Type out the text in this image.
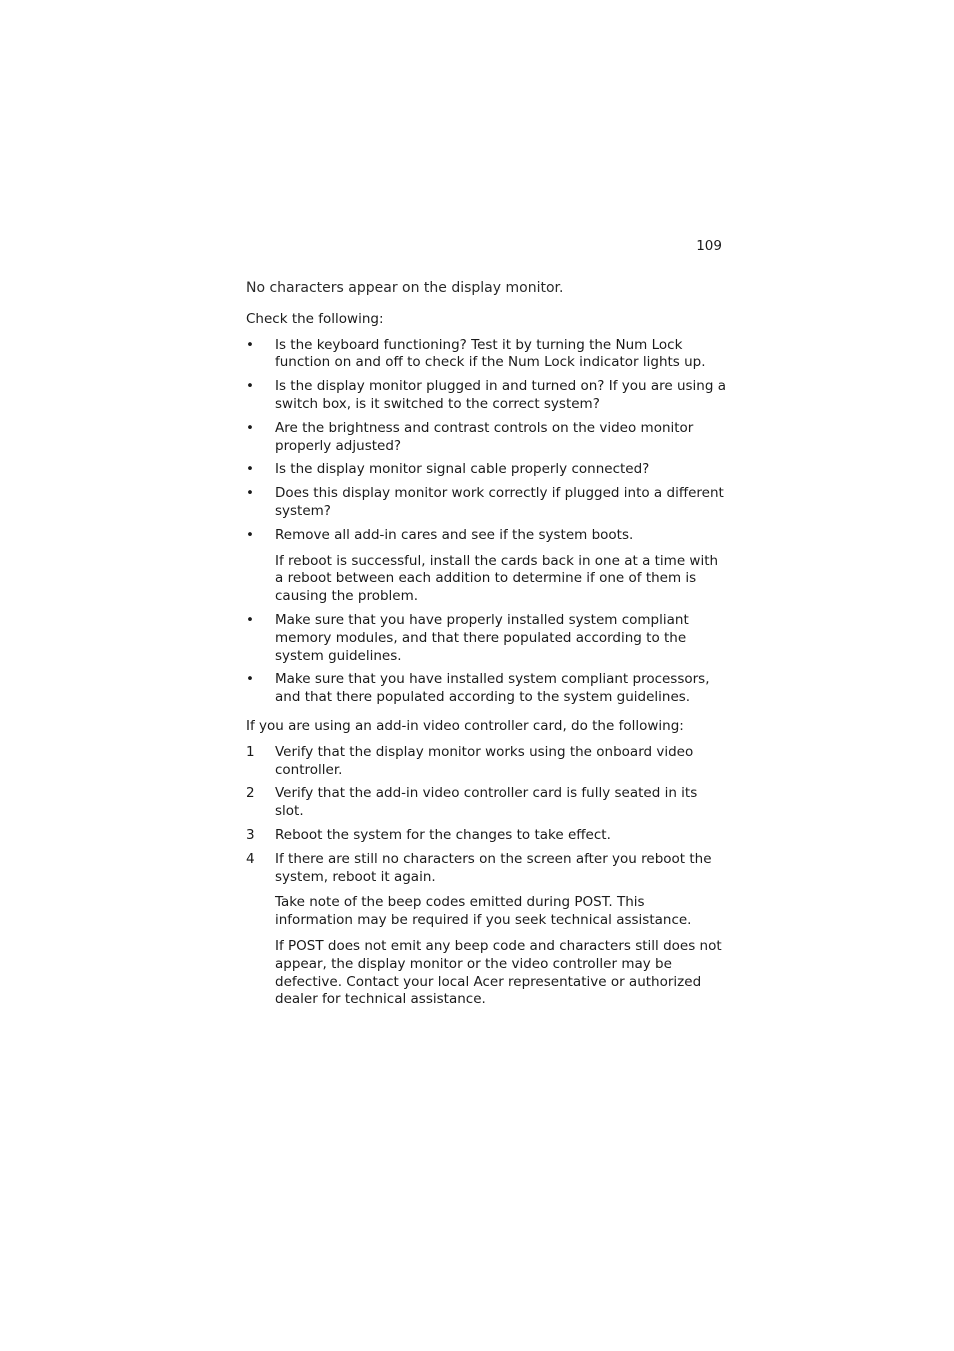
109

No characters appear on the display monitor.

Check the following:

•	Is the keyboard functioning? Test it by turning the Num Lock function on and off to check if the Num Lock indicator lights up.
•	Is the display monitor plugged in and turned on? If you are using a switch box, is it switched to the correct system?
•	Are the brightness and contrast controls on the video monitor properly adjusted?
•	Is the display monitor signal cable properly connected?
•	Does this display monitor work correctly if plugged into a different system?
•	Remove all add-in cares and see if the system boots.

If reboot is successful, install the cards back in one at a time with a reboot between each addition to determine if one of them is causing the problem.

•	Make sure that you have properly installed system compliant memory modules, and that there populated according to the system guidelines.
•	Make sure that you have installed system compliant processors, and that there populated according to the system guidelines.

If you are using an add-in video controller card, do the following:

1	Verify that the display monitor works using the onboard video controller.
2	Verify that the add-in video controller card is fully seated in its slot.
3	Reboot the system for the changes to take effect.
4	If there are still no characters on the screen after you reboot the system, reboot it again.

Take note of the beep codes emitted during POST. This information may be required if you seek technical assistance.

If POST does not emit any beep code and characters still does not appear, the display monitor or the video controller may be defective. Contact your local Acer representative or authorized dealer for technical assistance.
